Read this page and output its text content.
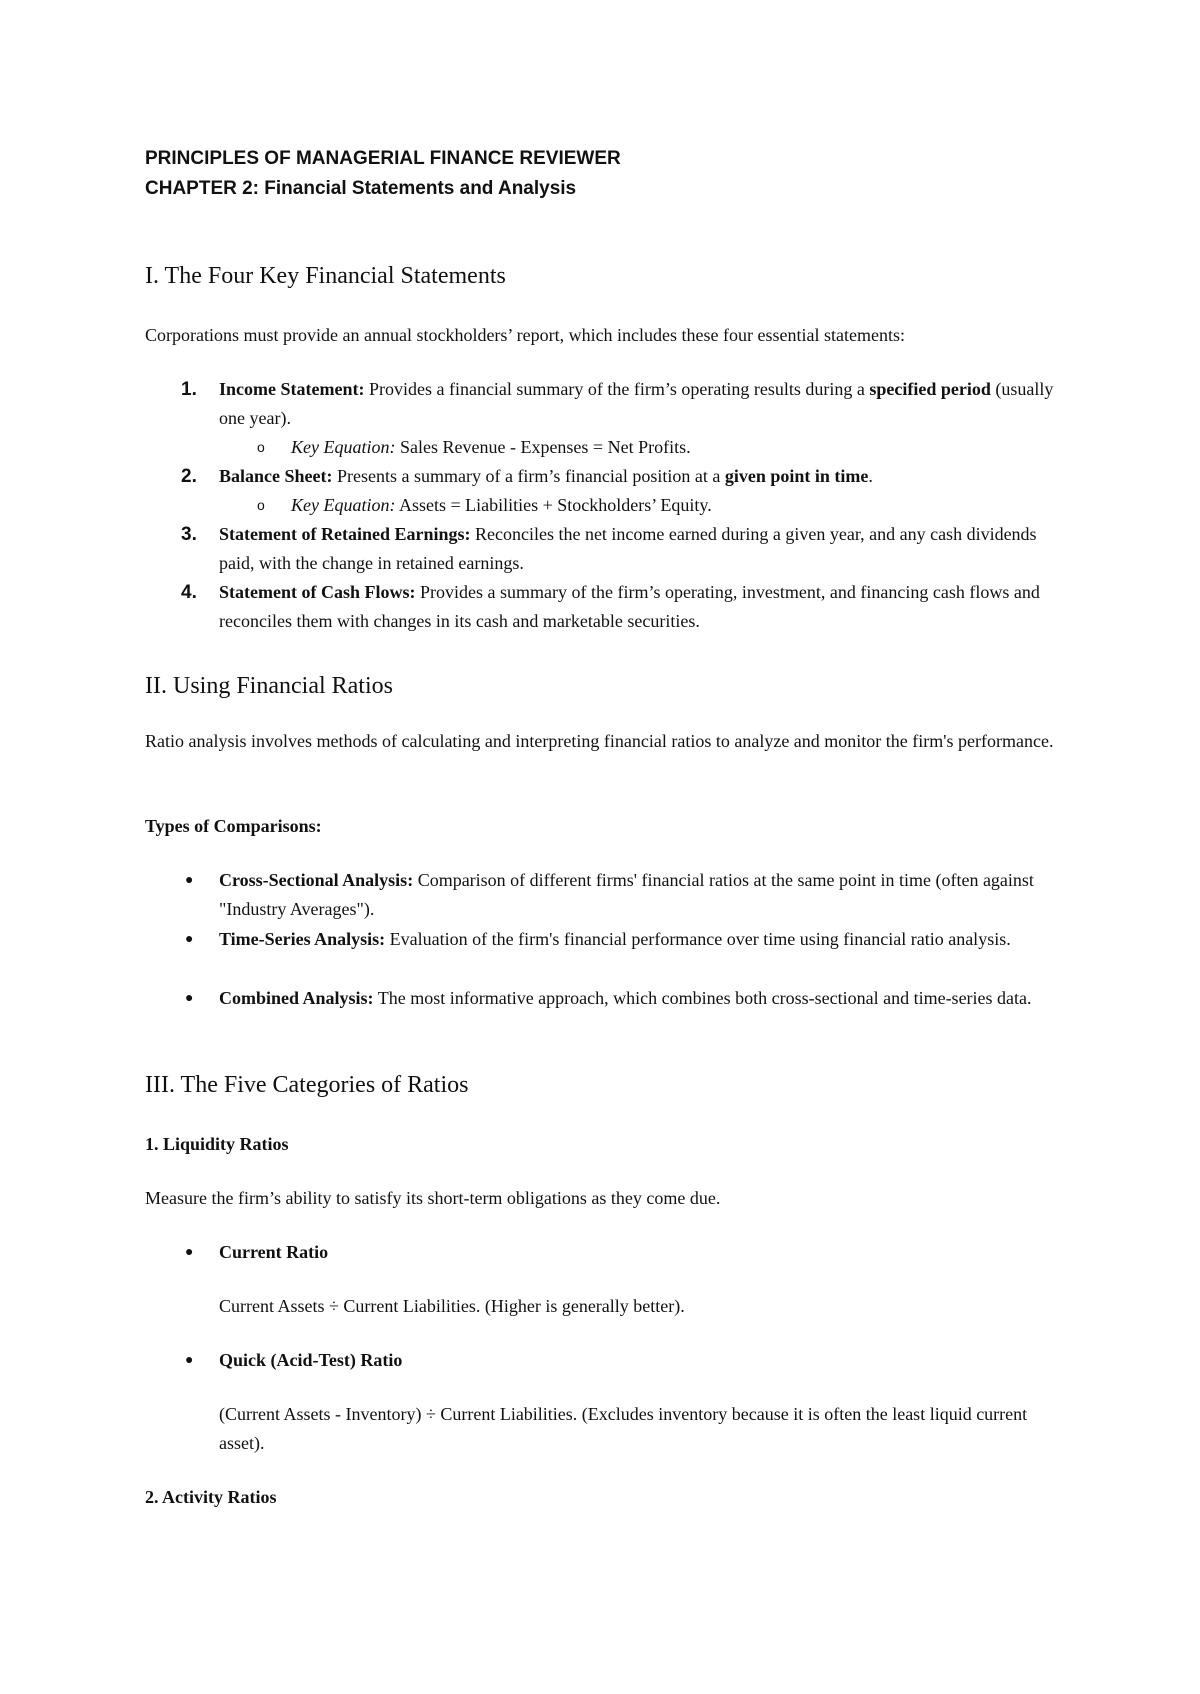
PRINCIPLES OF MANAGERIAL FINANCE REVIEWER
CHAPTER 2: Financial Statements and Analysis
I. The Four Key Financial Statements

Corporations must provide an annual stockholders’ report, which includes these four essential statements:

1. Income Statement: Provides a financial summary of the firm’s operating results during a specified period (usually one year).

o Key Equation: Sales Revenue - Expenses = Net Profits.

2. Balance Sheet: Presents a summary of a firm’s financial position at a given point in time.

o Key Equation: Assets = Liabilities + Stockholders’ Equity.

3. Statement of Retained Earnings: Reconciles the net income earned during a given year, and any cash dividends paid, with the change in retained earnings.

4. Statement of Cash Flows: Provides a summary of the firm’s operating, investment, and financing cash flows and reconciles them with changes in its cash and marketable securities.

II. Using Financial Ratios

Ratio analysis involves methods of calculating and interpreting financial ratios to analyze and monitor the firm's performance.

Types of Comparisons:

● Cross-Sectional Analysis: Comparison of different firms' financial ratios at the same point in time (often against "Industry Averages").

● Time-Series Analysis: Evaluation of the firm's financial performance over time using financial ratio analysis.

● Combined Analysis: The most informative approach, which combines both cross-sectional and time-series data.

III. The Five Categories of Ratios
1. Liquidity Ratios

Measure the firm’s ability to satisfy its short-term obligations as they come due.

● Current Ratio

Current Assets ÷ Current Liabilities. (Higher is generally better).

● Quick (Acid-Test) Ratio

(Current Assets - Inventory) ÷ Current Liabilities. (Excludes inventory because it is often the least liquid current asset).

2. Activity Ratios
